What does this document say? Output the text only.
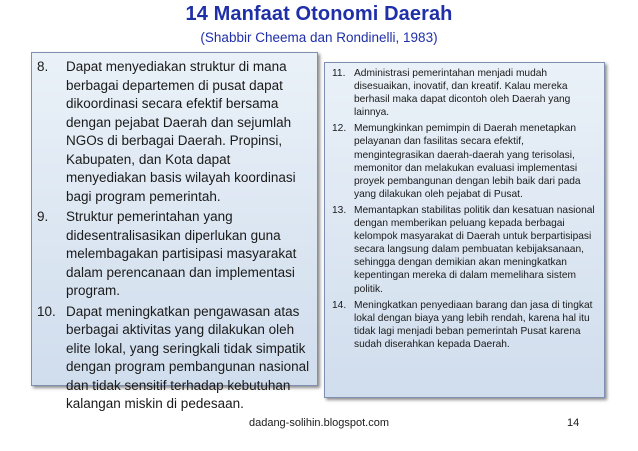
14 Manfaat Otonomi Daerah
(Shabbir Cheema dan Rondinelli, 1983)
8. Dapat menyediakan struktur di mana berbagai departemen di pusat dapat dikoordinasi secara efektif bersama dengan pejabat Daerah dan sejumlah NGOs di berbagai Daerah. Propinsi, Kabupaten, dan Kota dapat menyediakan basis wilayah koordinasi bagi program pemerintah.
9. Struktur pemerintahan yang didesentralisasikan diperlukan guna melembagakan partisipasi masyarakat dalam perencanaan dan implementasi program.
10. Dapat meningkatkan pengawasan atas berbagai aktivitas yang dilakukan oleh elite lokal, yang seringkali tidak simpatik dengan program pembangunan nasional dan tidak sensitif terhadap kebutuhan kalangan miskin di pedesaan.
11. Administrasi pemerintahan menjadi mudah disesuaikan, inovatif, dan kreatif. Kalau mereka berhasil maka dapat dicontoh oleh Daerah yang lainnya.
12. Memungkinkan pemimpin di Daerah menetapkan pelayanan dan fasilitas secara efektif, mengintegrasikan daerah-daerah yang terisolasi, memonitor dan melakukan evaluasi implementasi proyek pembangunan dengan lebih baik dari pada yang dilakukan oleh pejabat di Pusat.
13. Memantapkan stabilitas politik dan kesatuan nasional dengan memberikan peluang kepada berbagai kelompok masyarakat di Daerah untuk berpartisipasi secara langsung dalam pembuatan kebijaksanaan, sehingga dengan demikian akan meningkatkan kepentingan mereka di dalam memelihara sistem politik.
14. Meningkatkan penyediaan barang dan jasa di tingkat lokal dengan biaya yang lebih rendah, karena hal itu tidak lagi menjadi beban pemerintah Pusat karena sudah diserahkan kepada Daerah.
dadang-solihin.blogspot.com	14
